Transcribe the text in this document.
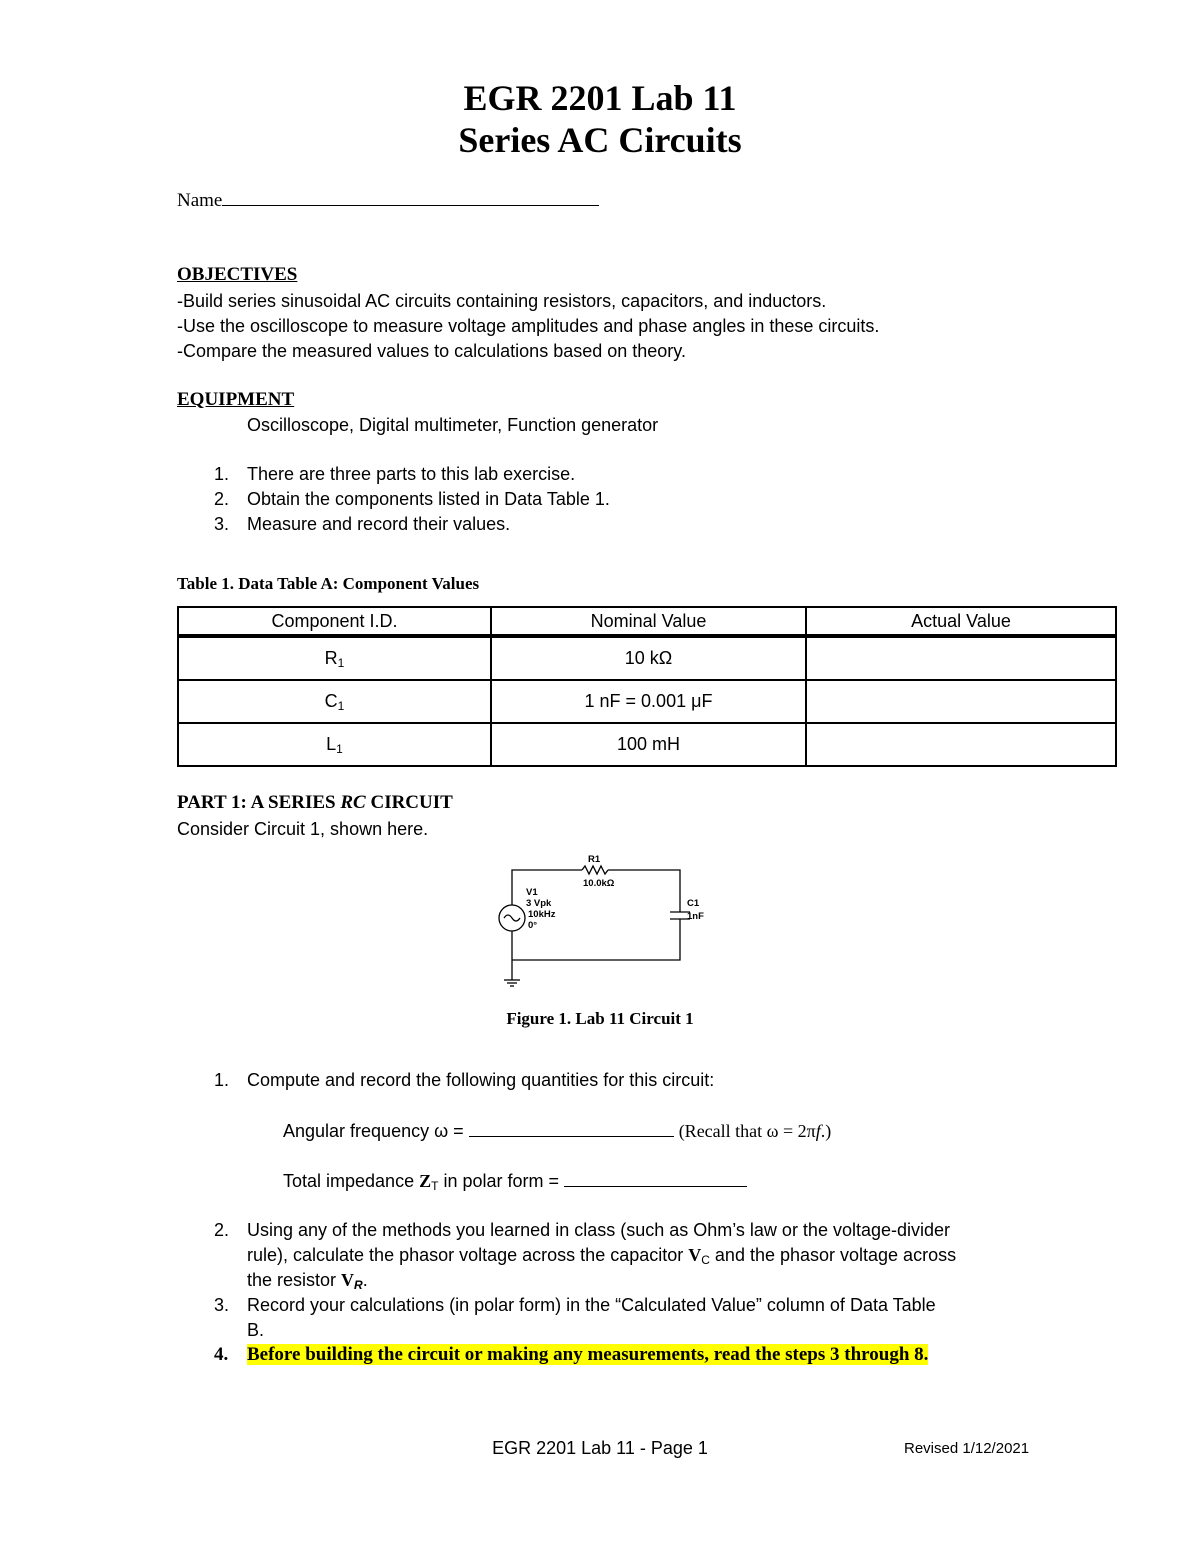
EGR 2201 Lab 11
Series AC Circuits
Name
OBJECTIVES
-Build series sinusoidal AC circuits containing resistors, capacitors, and inductors.
-Use the oscilloscope to measure voltage amplitudes and phase angles in these circuits.
-Compare the measured values to calculations based on theory.
EQUIPMENT
Oscilloscope, Digital multimeter, Function generator
1. There are three parts to this lab exercise.
2. Obtain the components listed in Data Table 1.
3. Measure and record their values.
Table 1. Data Table A: Component Values
Component I.D.	Nominal Value	Actual Value
$R_1$	10 kΩ	
$C_1$	1 nF = 0.001 μF	
$L_1$	100 mH	
PART 1: A SERIES RC CIRCUIT
Consider Circuit 1, shown here.
R1
10.0kΩ
V1
3 Vpk
10kHz
0°
C1
1nF
Figure 1. Lab 11 Circuit 1
1. Compute and record the following quantities for this circuit:
Angular frequency ω =	(Recall that ω = 2πf.)
Total impedance $Z_T$ in polar form =
2. Using any of the methods you learned in class (such as Ohm’s law or the voltage-divider
rule), calculate the phasor voltage across the capacitor $V_C$ and the phasor voltage across
the resistor $V_R$.
3. Record your calculations (in polar form) in the “Calculated Value” column of Data Table
B.
4. Before building the circuit or making any measurements, read the steps 3 through 8.
EGR 2201 Lab 11 - Page 1	Revised 1/12/2021
